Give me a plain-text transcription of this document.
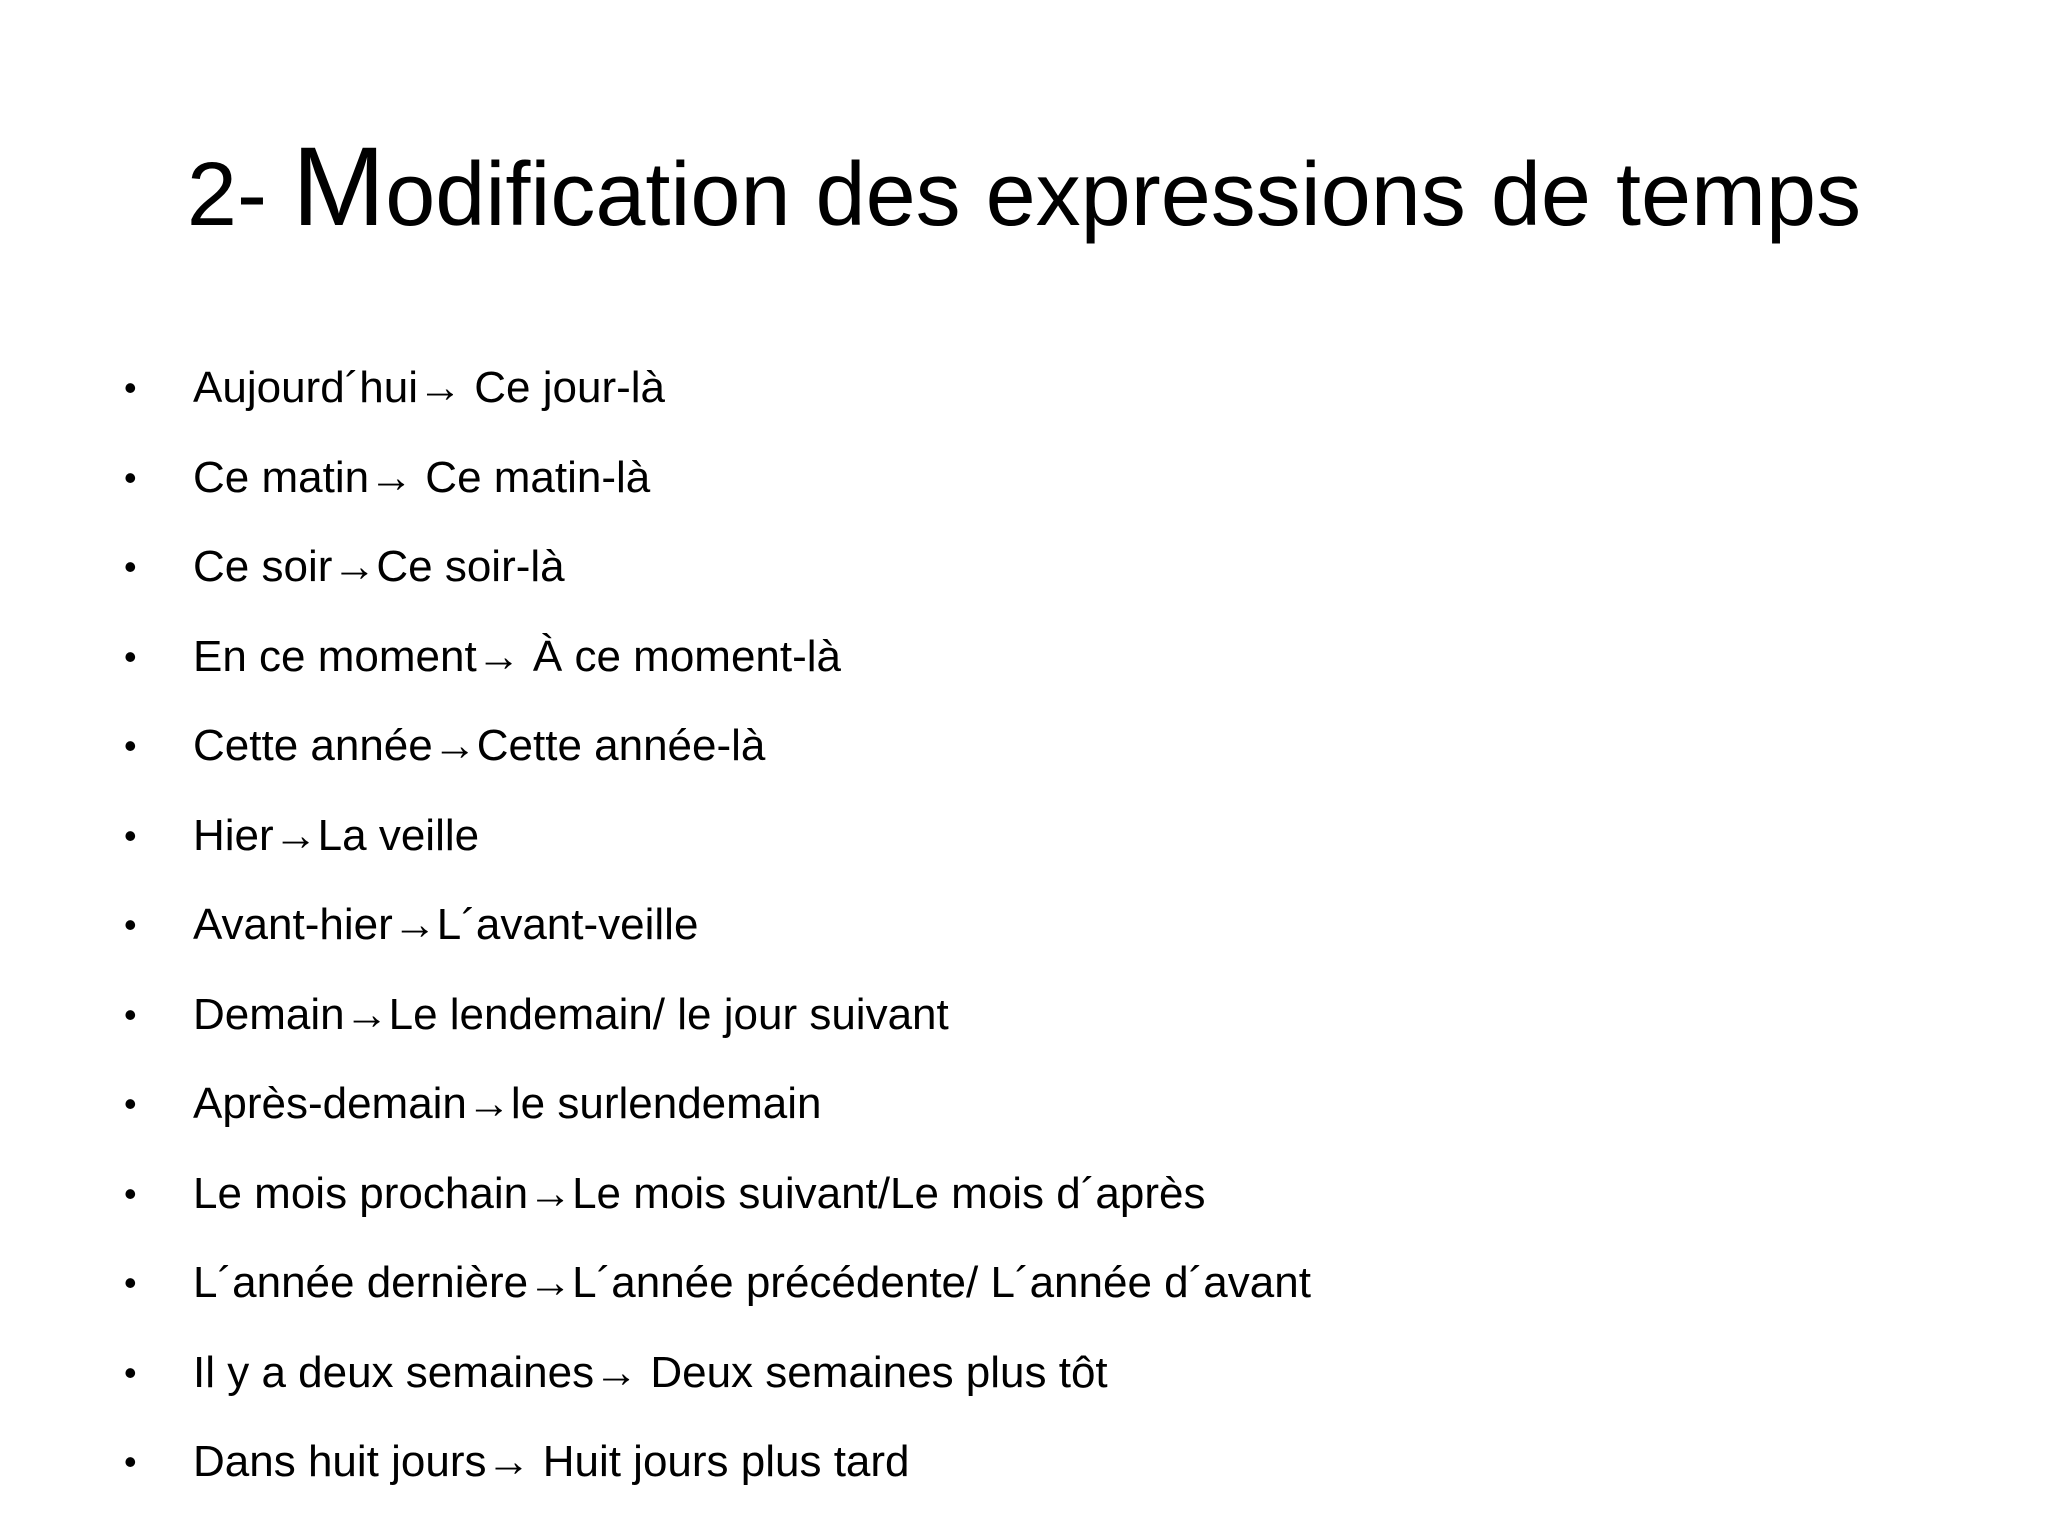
2- Modification des expressions de temps
• Aujourd´hui→ Ce jour-là
• Ce matin→ Ce matin-là
• Ce soir→Ce soir-là
• En ce moment→ À ce moment-là
• Cette année→Cette année-là
• Hier→La veille
• Avant-hier→L´avant-veille
• Demain→Le lendemain/ le jour suivant
• Après-demain→le surlendemain
• Le mois prochain→Le mois suivant/Le mois d´après
• L´année dernière→L´année précédente/ L´année d´avant
• Il y a deux semaines→ Deux semaines plus tôt
• Dans huit jours→ Huit jours plus tard
